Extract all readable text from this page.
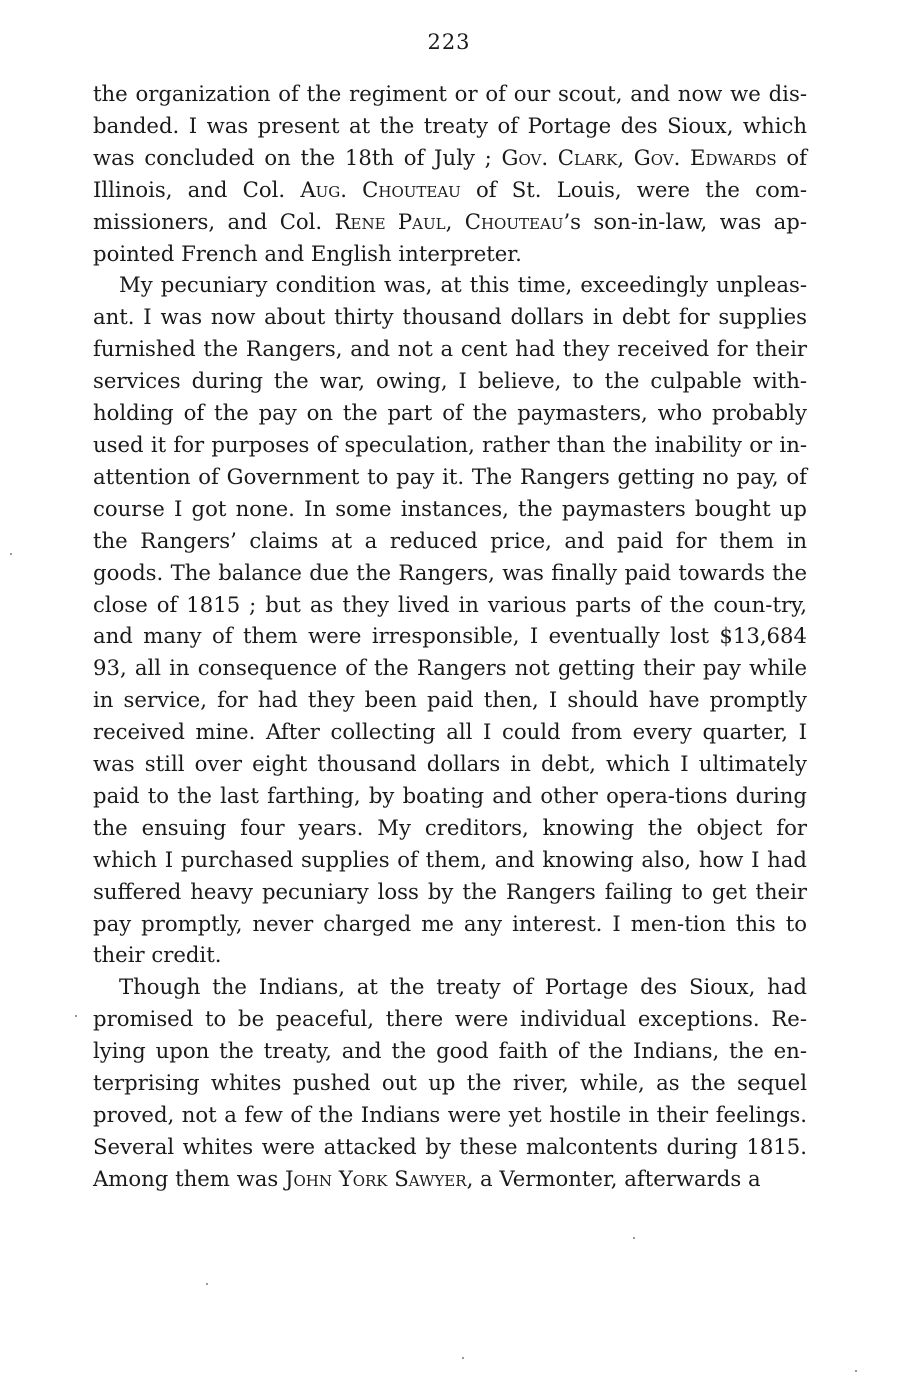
223

the organization of the regiment or of our scout, and now we dis-banded. I was present at the treaty of Portage des Sioux, which was concluded on the 18th of July ; Gov. Clark, Gov. Edwards of Illinois, and Col. Aug. Chouteau of St. Louis, were the com-missioners, and Col. Rene Paul, Chouteau’s son-in-law, was ap-pointed French and English interpreter.

My pecuniary condition was, at this time, exceedingly unpleas-ant. I was now about thirty thousand dollars in debt for supplies furnished the Rangers, and not a cent had they received for their services during the war, owing, I believe, to the culpable with-holding of the pay on the part of the paymasters, who probably used it for purposes of speculation, rather than the inability or in-attention of Government to pay it. The Rangers getting no pay, of course I got none. In some instances, the paymasters bought up the Rangers’ claims at a reduced price, and paid for them in goods. The balance due the Rangers, was finally paid towards the close of 1815 ; but as they lived in various parts of the coun-try, and many of them were irresponsible, I eventually lost $13,684 93, all in consequence of the Rangers not getting their pay while in service, for had they been paid then, I should have promptly received mine. After collecting all I could from every quarter, I was still over eight thousand dollars in debt, which I ultimately paid to the last farthing, by boating and other opera-tions during the ensuing four years. My creditors, knowing the object for which I purchased supplies of them, and knowing also, how I had suffered heavy pecuniary loss by the Rangers failing to get their pay promptly, never charged me any interest. I men-tion this to their credit.

Though the Indians, at the treaty of Portage des Sioux, had promised to be peaceful, there were individual exceptions. Re-lying upon the treaty, and the good faith of the Indians, the en-terprising whites pushed out up the river, while, as the sequel proved, not a few of the Indians were yet hostile in their feelings. Several whites were attacked by these malcontents during 1815. Among them was John York Sawyer, a Vermonter, afterwards a
